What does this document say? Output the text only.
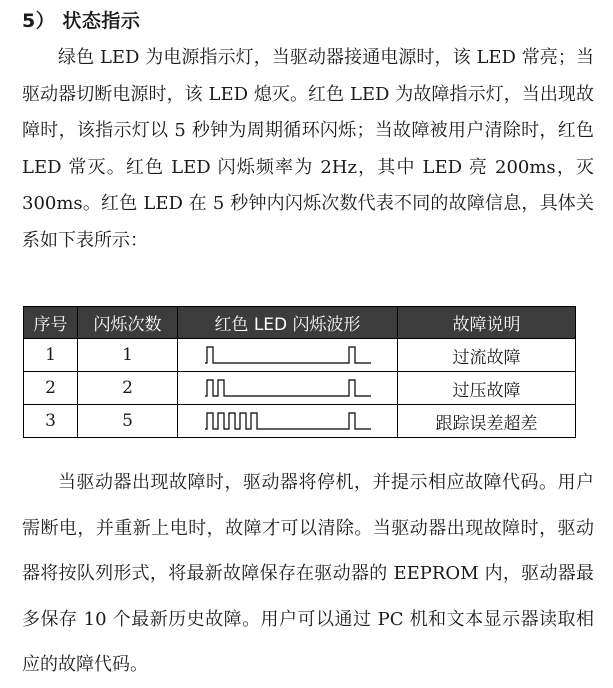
5） 状态指示

绿色 LED 为电源指示灯，当驱动器接通电源时，该 LED 常亮；当驱动器切断电源时，该 LED 熄灭。红色 LED 为故障指示灯，当出现故障时，该指示灯以 5 秒钟为周期循环闪烁；当故障被用户清除时，红色 LED 常灭。红色 LED 闪烁频率为 2Hz，其中 LED 亮 200ms，灭 300ms。红色 LED 在 5 秒钟内闪烁次数代表不同的故障信息，具体关系如下表所示：

序号	闪烁次数	红色 LED 闪烁波形	故障说明
1	1		过流故障
2	2		过压故障
3	5		跟踪误差超差

当驱动器出现故障时，驱动器将停机，并提示相应故障代码。用户需断电，并重新上电时，故障才可以清除。当驱动器出现故障时，驱动器将按队列形式，将最新故障保存在驱动器的 EEPROM 内，驱动器最多保存 10 个最新历史故障。用户可以通过 PC 机和文本显示器读取相应的故障代码。
